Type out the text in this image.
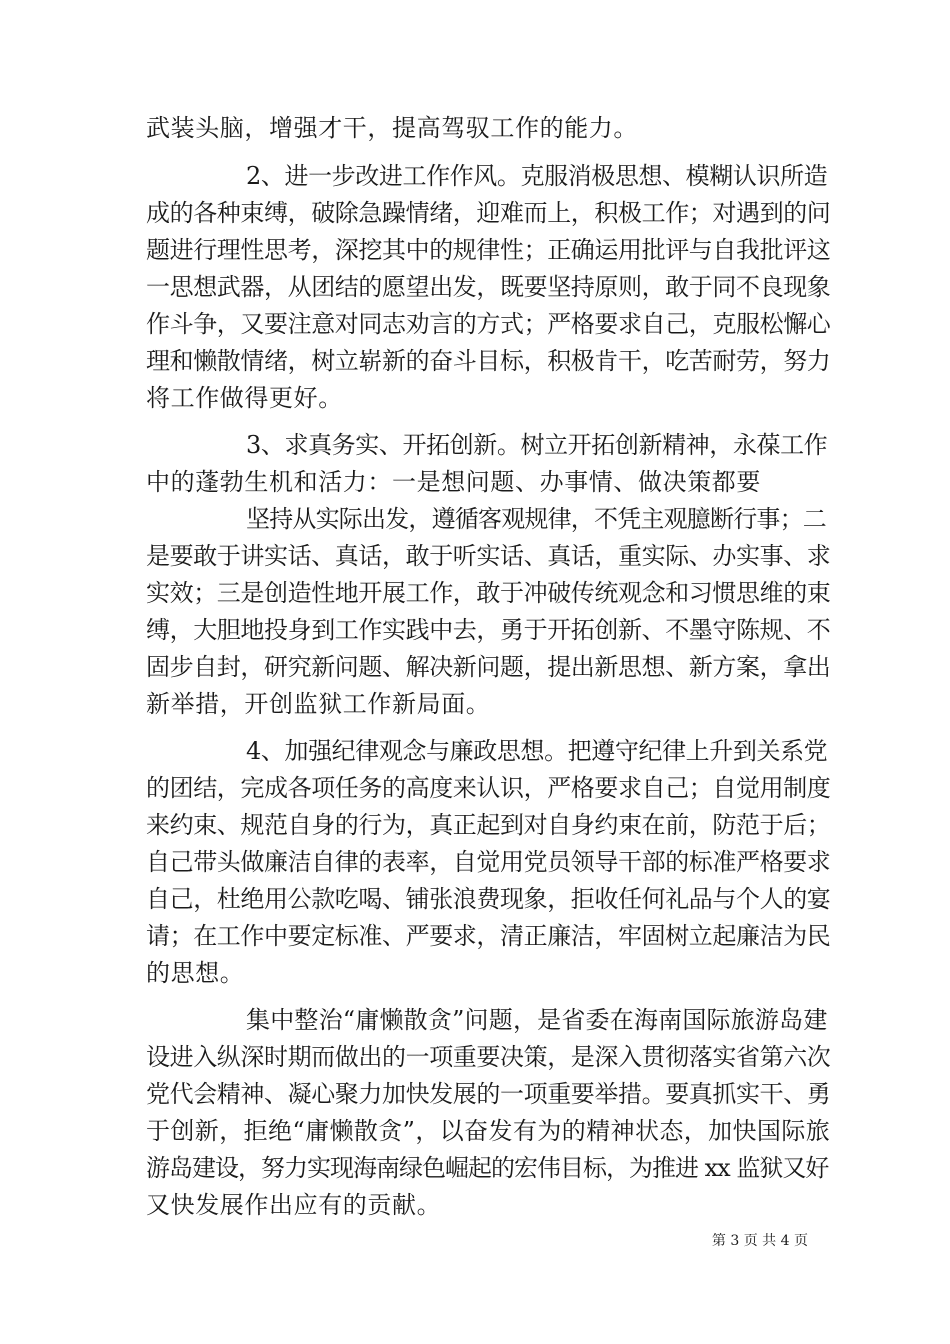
武装头脑，增强才干，提高驾驭工作的能力。
2、进一步改进工作作风。克服消极思想、模糊认识所造
成的各种束缚，破除急躁情绪，迎难而上，积极工作；对遇到的问
题进行理性思考，深挖其中的规律性；正确运用批评与自我批评这
一思想武器，从团结的愿望出发，既要坚持原则，敢于同不良现象
作斗争，又要注意对同志劝言的方式；严格要求自己，克服松懈心
理和懒散情绪，树立崭新的奋斗目标，积极肯干，吃苦耐劳，努力
将工作做得更好。
3、求真务实、开拓创新。树立开拓创新精神，永葆工作
中的蓬勃生机和活力：一是想问题、办事情、做决策都要
坚持从实际出发，遵循客观规律，不凭主观臆断行事；二
是要敢于讲实话、真话，敢于听实话、真话，重实际、办实事、求
实效；三是创造性地开展工作，敢于冲破传统观念和习惯思维的束
缚，大胆地投身到工作实践中去，勇于开拓创新、不墨守陈规、不
固步自封，研究新问题、解决新问题，提出新思想、新方案，拿出
新举措，开创监狱工作新局面。
4、加强纪律观念与廉政思想。把遵守纪律上升到关系党
的团结，完成各项任务的高度来认识，严格要求自己；自觉用制度
来约束、规范自身的行为，真正起到对自身约束在前，防范于后；
自己带头做廉洁自律的表率，自觉用党员领导干部的标准严格要求
自己，杜绝用公款吃喝、铺张浪费现象，拒收任何礼品与个人的宴
请；在工作中要定标准、严要求，清正廉洁，牢固树立起廉洁为民
的思想。
集中整治“庸懒散贪”问题，是省委在海南国际旅游岛建
设进入纵深时期而做出的一项重要决策，是深入贯彻落实省第六次
党代会精神、凝心聚力加快发展的一项重要举措。要真抓实干、勇
于创新，拒绝“庸懒散贪”，以奋发有为的精神状态，加快国际旅
游岛建设，努力实现海南绿色崛起的宏伟目标，为推进 xx 监狱又好
又快发展作出应有的贡献。
第 3 页 共 4 页
